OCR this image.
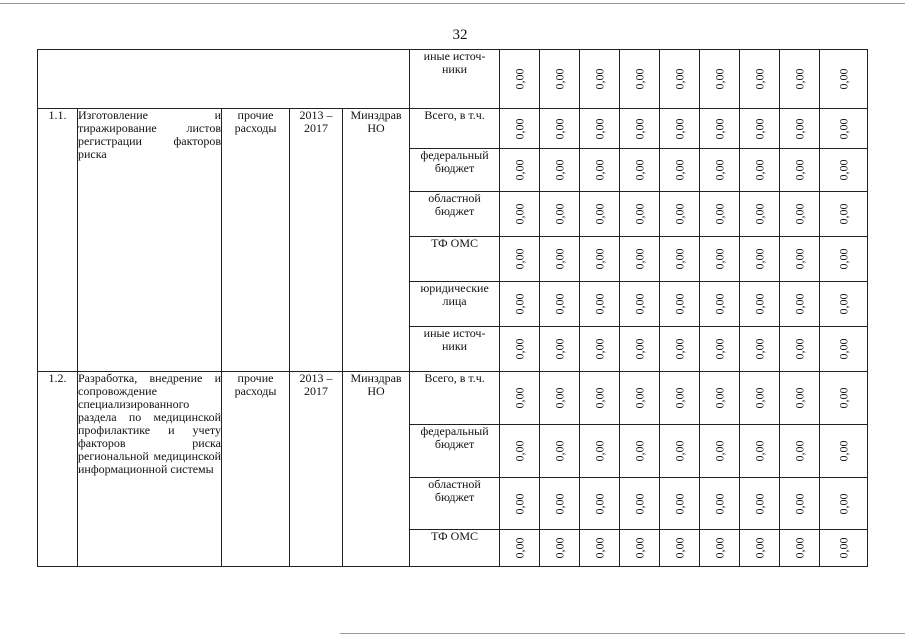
32
					иные источ-
ники	0,00	0,00	0,00	0,00	0,00	0,00	0,00	0,00	0,00

1.1.	Изготовление и тиражирование листов регистрации факторов риска	прочие расходы	2013 – 2017	Минздрав НО	Всего, в т.ч.	0,00	0,00	0,00	0,00	0,00	0,00	0,00	0,00	0,00

					федеральный бюджет	0,00	0,00	0,00	0,00	0,00	0,00	0,00	0,00	0,00

					областной бюджет	0,00	0,00	0,00	0,00	0,00	0,00	0,00	0,00	0,00

					ТФ ОМС	0,00	0,00	0,00	0,00	0,00	0,00	0,00	0,00	0,00

					юридические лица	0,00	0,00	0,00	0,00	0,00	0,00	0,00	0,00	0,00

					иные источ-
ники	0,00	0,00	0,00	0,00	0,00	0,00	0,00	0,00	0,00

1.2.	Разработка, внедрение и сопровождение специализированного раздела по медицинской профилактике и учету факторов риска региональной медицинской информационной системы	прочие расходы	2013 – 2017	Минздрав НО	Всего, в т.ч.	0,00	0,00	0,00	0,00	0,00	0,00	0,00	0,00	0,00

					федеральный бюджет	0,00	0,00	0,00	0,00	0,00	0,00	0,00	0,00	0,00

					областной бюджет	0,00	0,00	0,00	0,00	0,00	0,00	0,00	0,00	0,00

					ТФ ОМС	0,00	0,00	0,00	0,00	0,00	0,00	0,00	0,00	0,00
